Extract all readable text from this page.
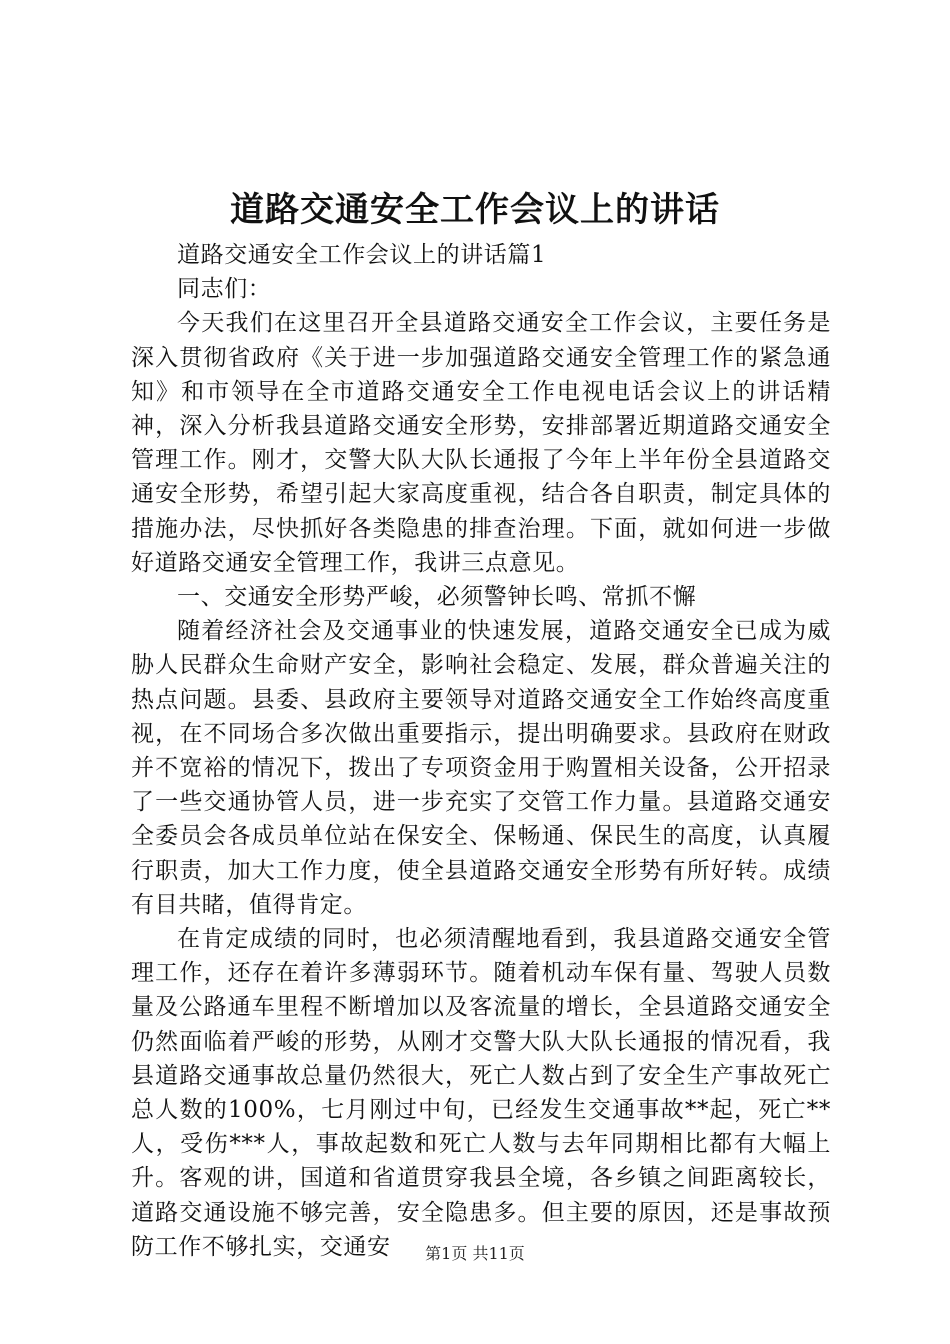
道路交通安全工作会议上的讲话

道路交通安全工作会议上的讲话篇1

同志们：

今天我们在这里召开全县道路交通安全工作会议，主要任务是深入贯彻省政府《关于进一步加强道路交通安全管理工作的紧急通知》和市领导在全市道路交通安全工作电视电话会议上的讲话精神，深入分析我县道路交通安全形势，安排部署近期道路交通安全管理工作。刚才，交警大队大队长通报了今年上半年份全县道路交通安全形势，希望引起大家高度重视，结合各自职责，制定具体的措施办法，尽快抓好各类隐患的排查治理。下面，就如何进一步做好道路交通安全管理工作，我讲三点意见。

一、交通安全形势严峻，必须警钟长鸣、常抓不懈

随着经济社会及交通事业的快速发展，道路交通安全已成为威胁人民群众生命财产安全，影响社会稳定、发展，群众普遍关注的热点问题。县委、县政府主要领导对道路交通安全工作始终高度重视，在不同场合多次做出重要指示，提出明确要求。县政府在财政并不宽裕的情况下，拨出了专项资金用于购置相关设备，公开招录了一些交通协管人员，进一步充实了交管工作力量。县道路交通安全委员会各成员单位站在保安全、保畅通、保民生的高度，认真履行职责，加大工作力度，使全县道路交通安全形势有所好转。成绩有目共睹，值得肯定。

在肯定成绩的同时，也必须清醒地看到，我县道路交通安全管理工作，还存在着许多薄弱环节。随着机动车保有量、驾驶人员数量及公路通车里程不断增加以及客流量的增长，全县道路交通安全仍然面临着严峻的形势，从刚才交警大队大队长通报的情况看，我县道路交通事故总量仍然很大，死亡人数占到了安全生产事故死亡总人数的100%，七月刚过中旬，已经发生交通事故**起，死亡**人，受伤***人，事故起数和死亡人数与去年同期相比都有大幅上升。客观的讲，国道和省道贯穿我县全境，各乡镇之间距离较长，道路交通设施不够完善，安全隐患多。但主要的原因，还是事故预防工作不够扎实，交通安	第1页 共11页
